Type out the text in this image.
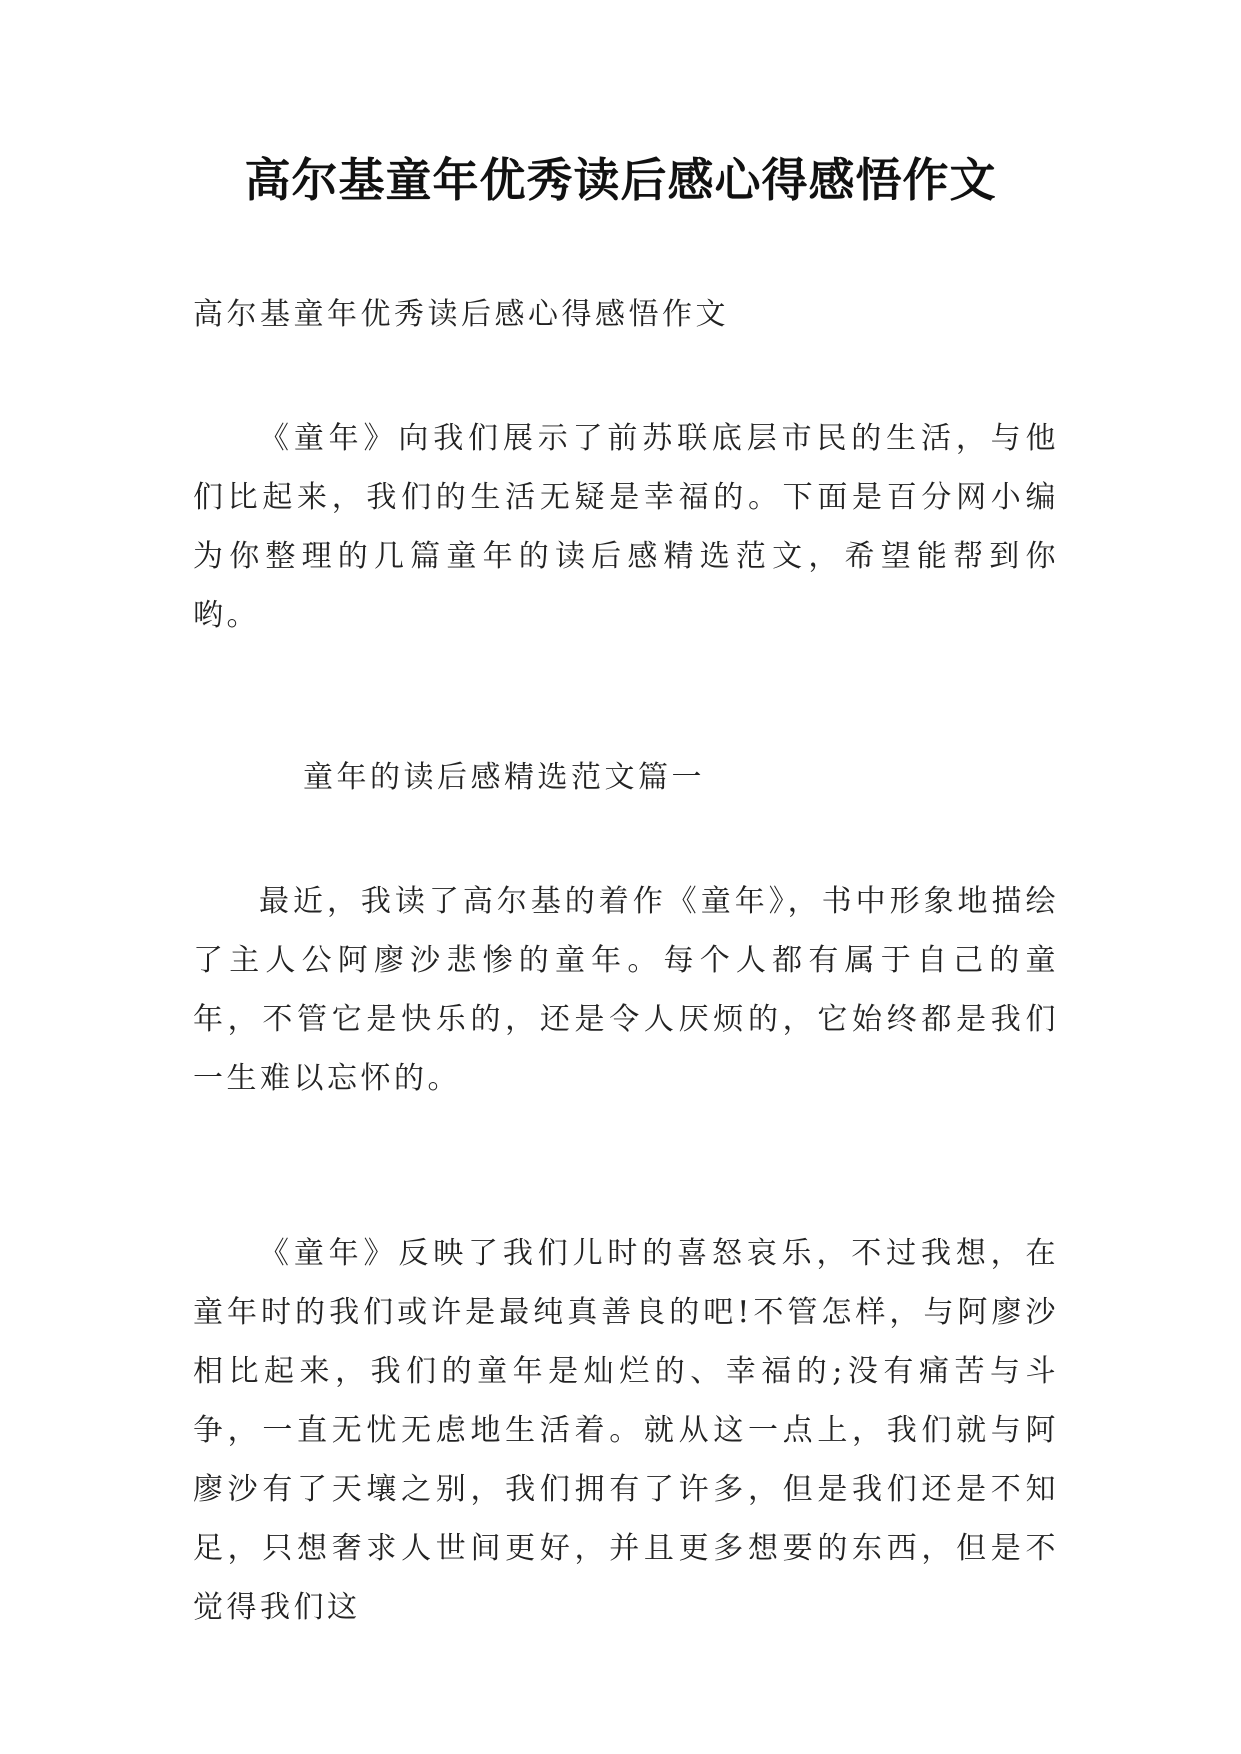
高尔基童年优秀读后感心得感悟作文
高尔基童年优秀读后感心得感悟作文

《童年》向我们展示了前苏联底层市民的生活，与他们比起来，我们的生活无疑是幸福的。下面是百分网小编为你整理的几篇童年的读后感精选范文，希望能帮到你哟。

童年的读后感精选范文篇一

最近，我读了高尔基的着作《童年》，书中形象地描绘了主人公阿廖沙悲惨的童年。每个人都有属于自己的童年，不管它是快乐的，还是令人厌烦的，它始终都是我们一生难以忘怀的。

《童年》反映了我们儿时的喜怒哀乐，不过我想，在童年时的我们或许是最纯真善良的吧!不管怎样，与阿廖沙相比起来，我们的童年是灿烂的、幸福的;没有痛苦与斗争，一直无忧无虑地生活着。就从这一点上，我们就与阿廖沙有了天壤之别，我们拥有了许多，但是我们还是不知足，只想奢求人世间更好，并且更多想要的东西，但是不觉得我们这
